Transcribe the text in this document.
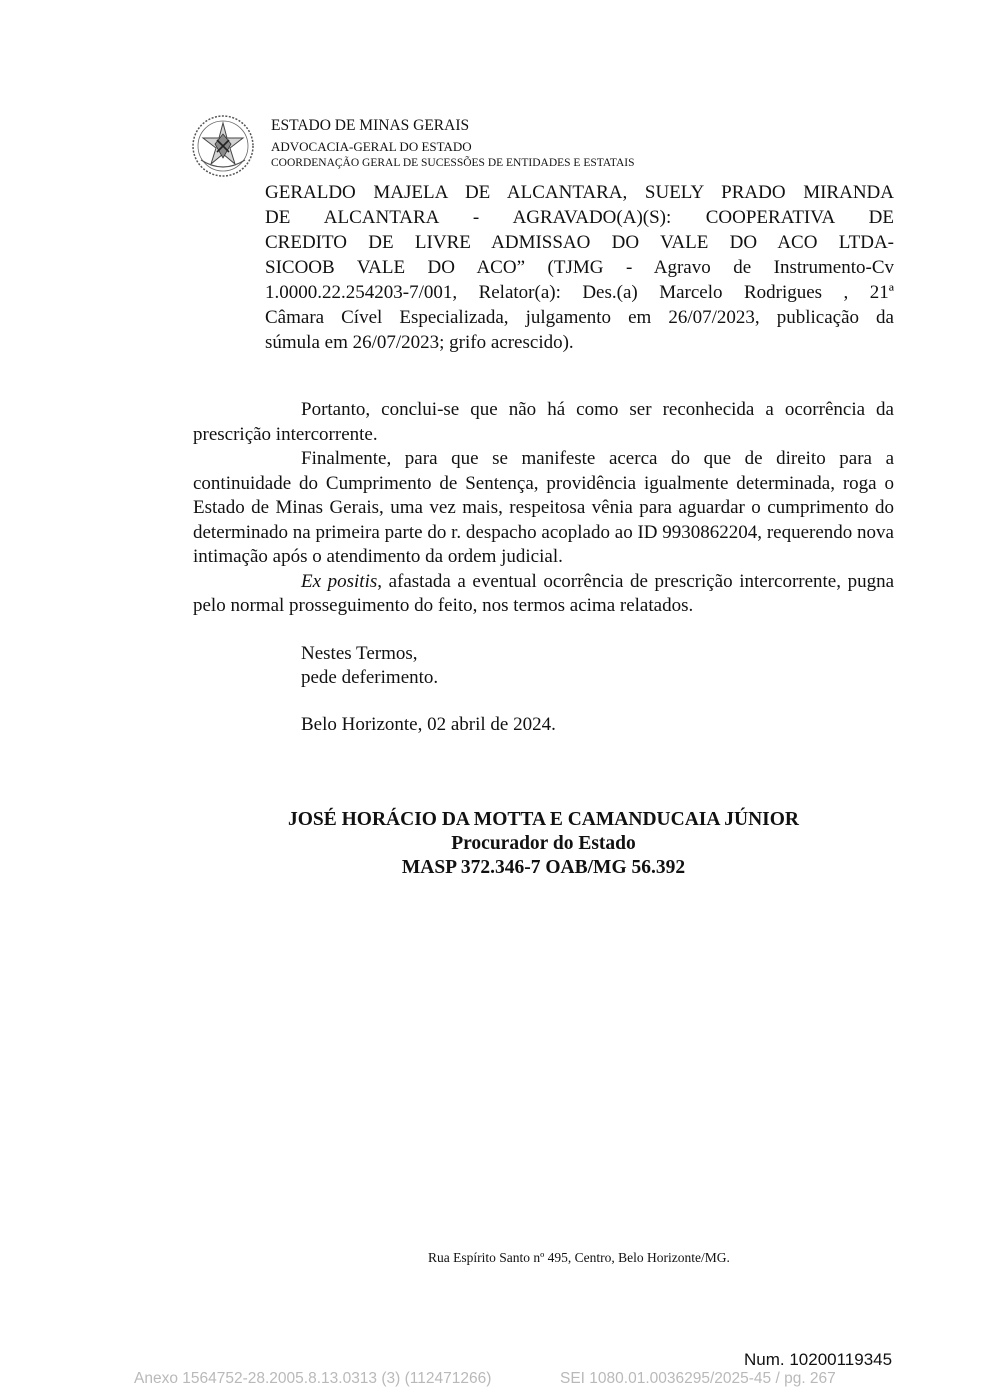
ESTADO DE MINAS GERAIS
ADVOCACIA-GERAL DO ESTADO
COORDENAÇÃO GERAL DE SUCESSÕES DE ENTIDADES E ESTATAIS
GERALDO MAJELA DE ALCANTARA, SUELY PRADO MIRANDA
DE ALCANTARA - AGRAVADO(A)(S): COOPERATIVA DE
CREDITO DE LIVRE ADMISSAO DO VALE DO ACO LTDA-
SICOOB VALE DO ACO” (TJMG - Agravo de Instrumento-Cv
1.0000.22.254203-7/001, Relator(a): Des.(a) Marcelo Rodrigues , 21ª
Câmara Cível Especializada, julgamento em 26/07/2023, publicação da
súmula em 26/07/2023; grifo acrescido).

Portanto, conclui-se que não há como ser reconhecida a ocorrência da prescrição intercorrente.

Finalmente, para que se manifeste acerca do que de direito para a continuidade do Cumprimento de Sentença, providência igualmente determinada, roga o Estado de Minas Gerais, uma vez mais, respeitosa vênia para aguardar o cumprimento do determinado na primeira parte do r. despacho acoplado ao ID 9930862204, requerendo nova intimação após o atendimento da ordem judicial.

Ex positis, afastada a eventual ocorrência de prescrição intercorrente, pugna pelo normal prosseguimento do feito, nos termos acima relatados.

Nestes Termos,
pede deferimento.
Belo Horizonte, 02 abril de 2024.
JOSÉ HORÁCIO DA MOTTA E CAMANDUCAIA JÚNIOR
Procurador do Estado
MASP 372.346-7 OAB/MG 56.392
Rua Espírito Santo nº 495, Centro, Belo Horizonte/MG.
Num. 10200119345
Anexo 1564752-28.2005.8.13.0313 (3) (112471266)	SEI 1080.01.0036295/2025-45 / pg. 267
